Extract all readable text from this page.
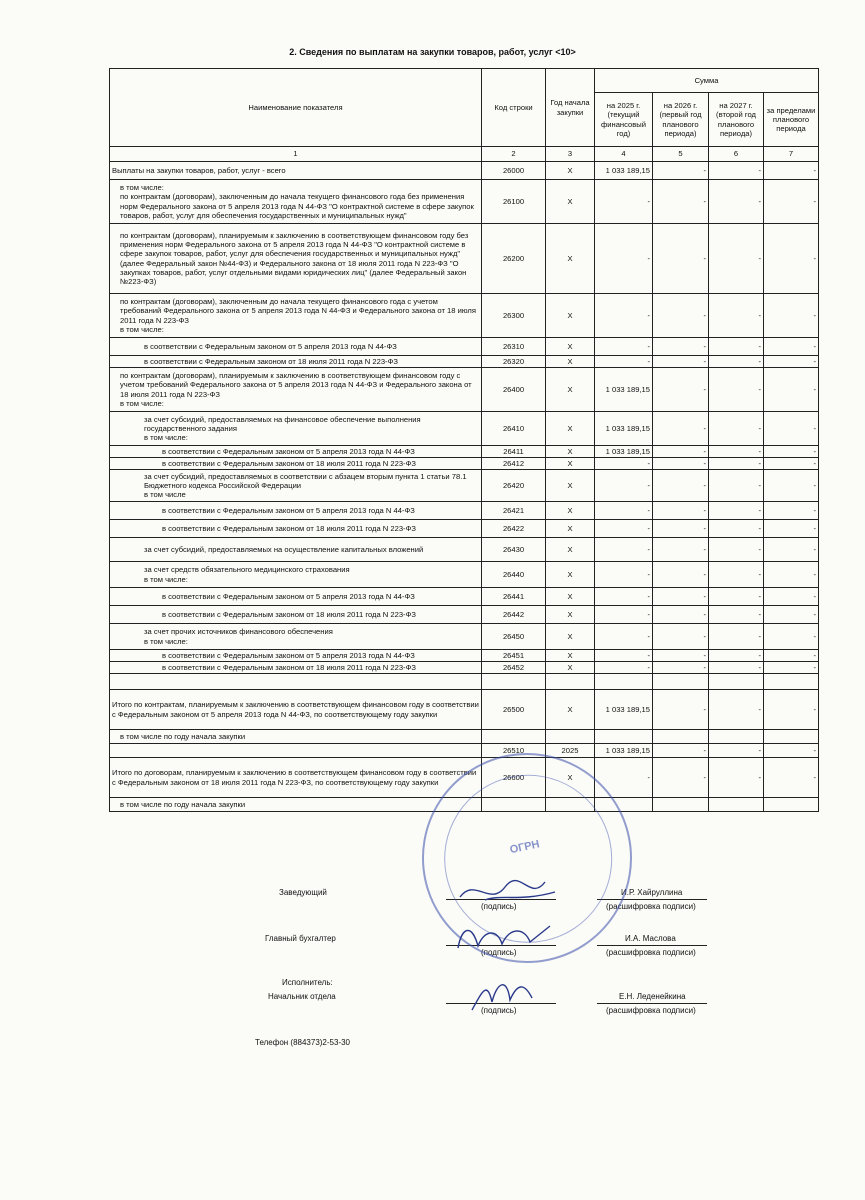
2. Сведения по выплатам на закупки товаров, работ, услуг <10>
Наименование показателя	Код строки	Год начала закупки	Сумма			
			на 2025 г. (текущий финансовый год)	на 2026 г. (первый год планового периода)	на 2027 г. (второй год планового периода)	за пределами планового периода
1	2	3	4	5	6	7
Выплаты на закупки товаров, работ, услуг - всего	26000	X	1 033 189,15	-	-	-
в том числе:
по контрактам (договорам), заключенным до начала текущего финансового года без применения норм Федерального закона от 5 апреля 2013 года N 44-ФЗ "О контрактной системе в сфере закупок товаров, работ, услуг для обеспечения государственных и муниципальных нужд"	26100	X	-	-	-	-
по контрактам (договорам), планируемым к заключению в соответствующем финансовом году без применения норм Федерального закона от 5 апреля 2013 года N 44-ФЗ "О контрактной системе в сфере закупок товаров, работ, услуг для обеспечения государственных и муниципальных нужд" (далее Федеральный закон №44-ФЗ) и Федерального закона от 18 июля 2011 года N 223-ФЗ "О закупках товаров, работ, услуг отдельными видами юридических лиц" (далее Федеральный закон №223-ФЗ)	26200	X	-	-	-	-
по контрактам (договорам), заключенным до начала текущего финансового года с учетом требований Федерального закона от 5 апреля 2013 года N 44-ФЗ и Федерального закона от 18 июля 2011 года N 223-ФЗ
в том числе:	26300	X	-	-	-	-
в соответствии с Федеральным законом от 5 апреля 2013 года N 44-ФЗ	26310	X	-	-	-	-
в соответствии с Федеральным законом от 18 июля 2011 года N 223-ФЗ	26320	X	-	-	-	-
по контрактам (договорам), планируемым к заключению в соответствующем финансовом году с учетом требований Федерального закона от 5 апреля 2013 года N 44-ФЗ и Федерального закона от 18 июля 2011 года N 223-ФЗ
в том числе:	26400	X	1 033 189,15	-	-	-
за счет субсидий, предоставляемых на финансовое обеспечение выполнения государственного задания
в том числе:	26410	X	1 033 189,15	-	-	-
в соответствии с Федеральным законом от 5 апреля 2013 года N 44-ФЗ	26411	X	1 033 189,15	-	-	-
в соответствии с Федеральным законом от 18 июля 2011 года N 223-ФЗ	26412	X	-	-	-	-
за счет субсидий, предоставляемых в соответствии с абзацем вторым пункта 1 статьи 78.1 Бюджетного кодекса Российской Федерации
в том числе	26420	X	-	-	-	-
в соответствии с Федеральным законом от 5 апреля 2013 года N 44-ФЗ	26421	X	-	-	-	-
в соответствии с Федеральным законом от 18 июля 2011 года N 223-ФЗ	26422	X	-	-	-	-
за счет субсидий, предоставляемых на осуществление капитальных вложений	26430	X	-	-	-	-
за счет средств обязательного медицинского страхования
в том числе:	26440	X	-	-	-	-
в соответствии с Федеральным законом от 5 апреля 2013 года N 44-ФЗ	26441	X	-	-	-	-
в соответствии с Федеральным законом от 18 июля 2011 года N 223-ФЗ	26442	X	-	-	-	-
за счет прочих источников финансового обеспечения
в том числе:	26450	X	-	-	-	-
в соответствии с Федеральным законом от 5 апреля 2013 года N 44-ФЗ	26451	X	-	-	-	-
в соответствии с Федеральным законом от 18 июля 2011 года N 223-ФЗ	26452	X	-	-	-	-

Итого по контрактам, планируемым к заключению в соответствующем финансовом году в соответствии с Федеральным законом от 5 апреля 2013 года N 44-ФЗ, по соответствующему году закупки	26500	X	1 033 189,15	-	-	-
в том числе по году начала закупки						
	26510	2025	1 033 189,15	-	-	-
Итого по договорам, планируемым к заключению в соответствующем финансовом году в соответствии с Федеральным законом от 18 июля 2011 года N 223-ФЗ, по соответствующему году закупки	26600	X	-	-	-	-
в том числе по году начала закупки						
Заведующий
(подпись)
И.Р. Хайруллина
(расшифровка подписи)
Главный бухгалтер
(подпись)
И.А. Маслова
(расшифровка подписи)
Исполнитель:
Начальник отдела
(подпись)
Е.Н. Леденейкина
(расшифровка подписи)
Телефон (884373)2-53-30
ОГРН
